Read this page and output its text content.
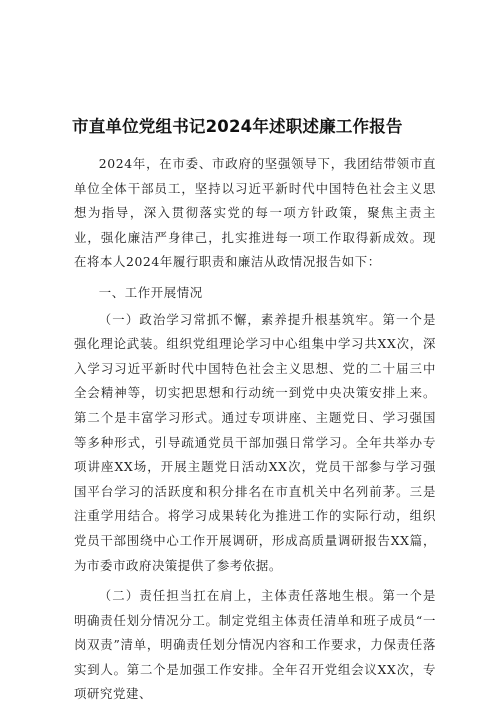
市直单位党组书记2024年述职述廉工作报告

2024年，在市委、市政府的坚强领导下，我团结带领市直单位全体干部员工，坚持以习近平新时代中国特色社会主义思想为指导，深入贯彻落实党的每一项方针政策，聚焦主责主业，强化廉洁严身律己，扎实推进每一项工作取得新成效。现在将本人2024年履行职责和廉洁从政情况报告如下：

一、工作开展情况

（一）政治学习常抓不懈，素养提升根基筑牢。第一个是强化理论武装。组织党组理论学习中心组集中学习共XX次，深入学习习近平新时代中国特色社会主义思想、党的二十届三中全会精神等，切实把思想和行动统一到党中央决策安排上来。第二个是丰富学习形式。通过专项讲座、主题党日、学习强国等多种形式，引导疏通党员干部加强日常学习。全年共举办专项讲座XX场，开展主题党日活动XX次，党员干部参与学习强国平台学习的活跃度和积分排名在市直机关中名列前茅。三是注重学用结合。将学习成果转化为推进工作的实际行动，组织党员干部围绕中心工作开展调研，形成高质量调研报告XX篇，为市委市政府决策提供了参考依据。

（二）责任担当扛在肩上，主体责任落地生根。第一个是明确责任划分情况分工。制定党组主体责任清单和班子成员“一岗双责”清单，明确责任划分情况内容和工作要求，力保责任落实到人。第二个是加强工作安排。全年召开党组会议XX次，专项研究党建、
